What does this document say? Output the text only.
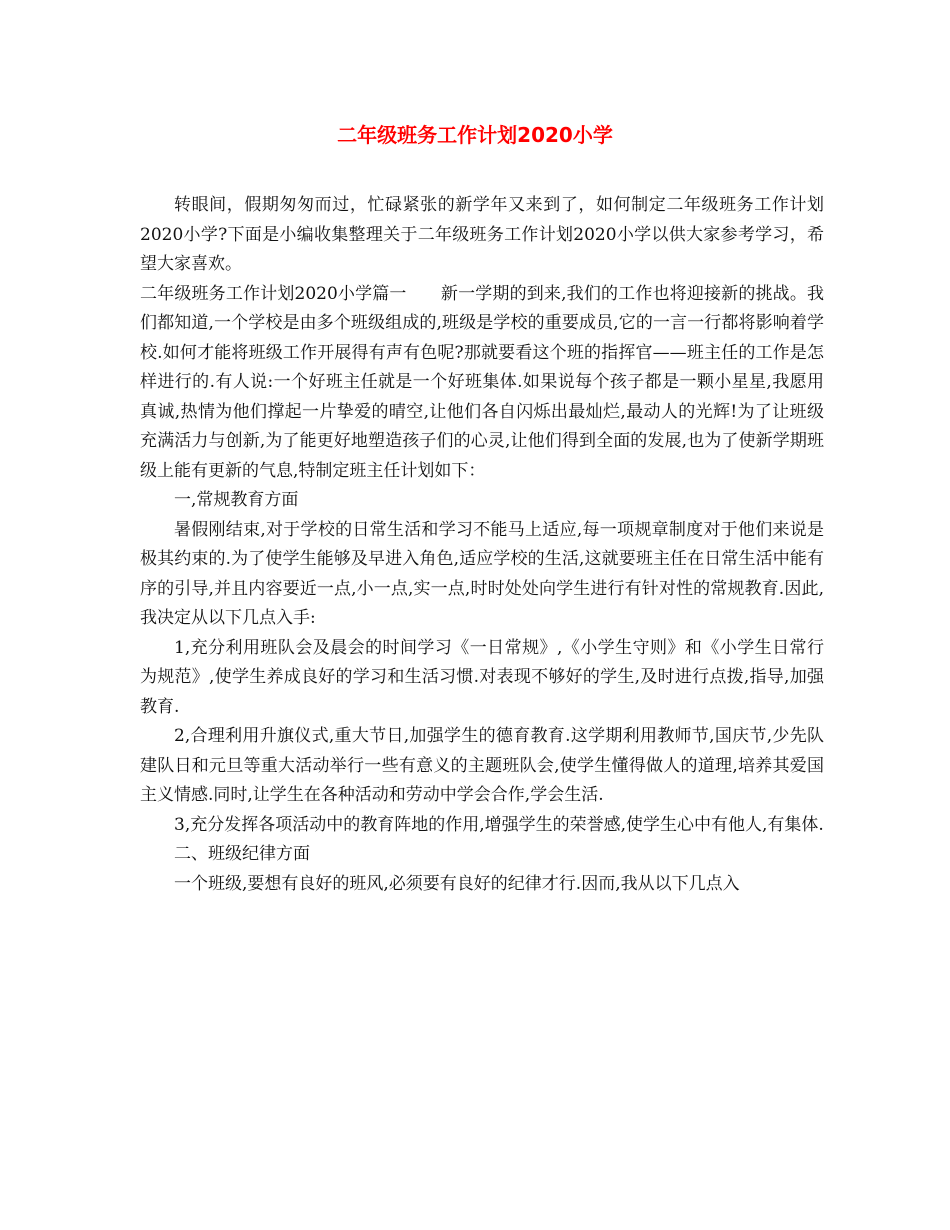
二年级班务工作计划2020小学

转眼间，假期匆匆而过，忙碌紧张的新学年又来到了，如何制定二年级班务工作计划2020小学?下面是小编收集整理关于二年级班务工作计划2020小学以供大家参考学习，希望大家喜欢。

二年级班务工作计划2020小学篇一　　新一学期的到来,我们的工作也将迎接新的挑战。我们都知道,一个学校是由多个班级组成的,班级是学校的重要成员,它的一言一行都将影响着学校.如何才能将班级工作开展得有声有色呢?那就要看这个班的指挥官——班主任的工作是怎样进行的.有人说:一个好班主任就是一个好班集体.如果说每个孩子都是一颗小星星,我愿用真诚,热情为他们撑起一片挚爱的晴空,让他们各自闪烁出最灿烂,最动人的光辉!为了让班级充满活力与创新,为了能更好地塑造孩子们的心灵,让他们得到全面的发展,也为了使新学期班级上能有更新的气息,特制定班主任计划如下：

一,常规教育方面

暑假刚结束,对于学校的日常生活和学习不能马上适应,每一项规章制度对于他们来说是极其约束的.为了使学生能够及早进入角色,适应学校的生活,这就要班主任在日常生活中能有序的引导,并且内容要近一点,小一点,实一点,时时处处向学生进行有针对性的常规教育.因此,我决定从以下几点入手:

1,充分利用班队会及晨会的时间学习《一日常规》,《小学生守则》和《小学生日常行为规范》,使学生养成良好的学习和生活习惯.对表现不够好的学生,及时进行点拨,指导,加强教育.

2,合理利用升旗仪式,重大节日,加强学生的德育教育.这学期利用教师节,国庆节,少先队建队日和元旦等重大活动举行一些有意义的主题班队会,使学生懂得做人的道理,培养其爱国主义情感.同时,让学生在各种活动和劳动中学会合作,学会生活.

3,充分发挥各项活动中的教育阵地的作用,增强学生的荣誉感,使学生心中有他人,有集体.

二、班级纪律方面

一个班级,要想有良好的班风,必须要有良好的纪律才行.因而,我从以下几点入
